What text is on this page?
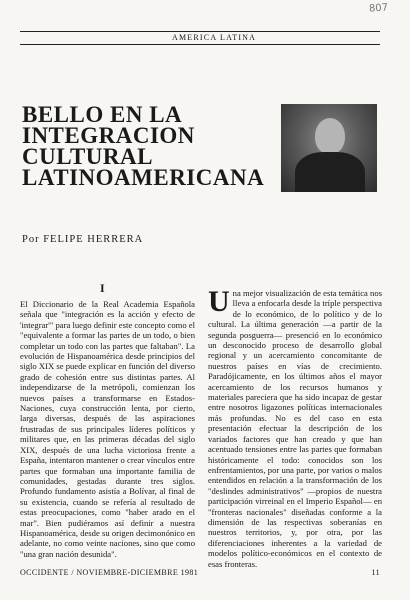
807
AMERICA LATINA
BELLO EN LA
INTEGRACION
CULTURAL
LATINOAMERICANA
Por FELIPE HERRERA
I

El Diccionario de la Real Academia Española señala que "integración es la acción y efecto de 'integrar'" para luego definir este concepto como el "equivalente a formar las partes de un todo, o bien completar un todo con las partes que faltaban". La evolución de Hispanoamérica desde principios del siglo XIX se puede explicar en función del diverso grado de cohesión entre sus distintas partes. Al independizarse de la metrópoli, comienzan los nuevos países a transformarse en Estados-Naciones, cuya construcción lenta, por cierto, larga diversas, después de las aspiraciones frustradas de sus principales líderes políticos y militares que, en las primeras décadas del siglo XIX, después de una lucha victoriosa frente a España, intentaron mantener o crear vínculos entre partes que formaban una importante familia de comunidades, gestadas durante tres siglos. Profundo fundamento asistía a Bolívar, al final de su existencia, cuando se refería al resultado de estas preocupaciones, como "haber arado en el mar". Bien pudiéramos así definir a nuestra Hispanoamérica, desde su origen decimonónico en adelante, no como veinte naciones, sino que como "una gran nación desunida".

Una mejor visualización de esta temática nos lleva a enfocarla desde la tríple perspectiva de lo económico, de lo político y de lo cultural. La última generación —a partir de la segunda posguerra— presenció en lo económico un desconocido proceso de desarrollo global regional y un acercamiento concomitante de nuestros países en vías de crecimiento. Paradójicamente, en los últimos años el mayor acercamiento de los recursos humanos y materiales pareciera que ha sido incapaz de gestar entre nosotros ligazones políticas internacionales más profundas. No es del caso en esta presentación efectuar la descripción de los variados factores que han creado y que han acentuado tensiones entre las partes que formaban históricamente el todo: conocidos son los enfrentamientos, por una parte, por varios o malos entendidos en relación a la transformación de los "deslindes administrativos" —propios de nuestra participación virreinal en el Imperio Español— en "fronteras nacionales" diseñadas conforme a la dimensión de las respectivas soberanías en nuestros territorios, y, por otra, por las diferenciaciones inherentes a la variedad de modelos político-económicos en el contexto de esas fronteras.
OCCIDENTE / NOVIEMBRE-DICIEMBRE 1981	11
